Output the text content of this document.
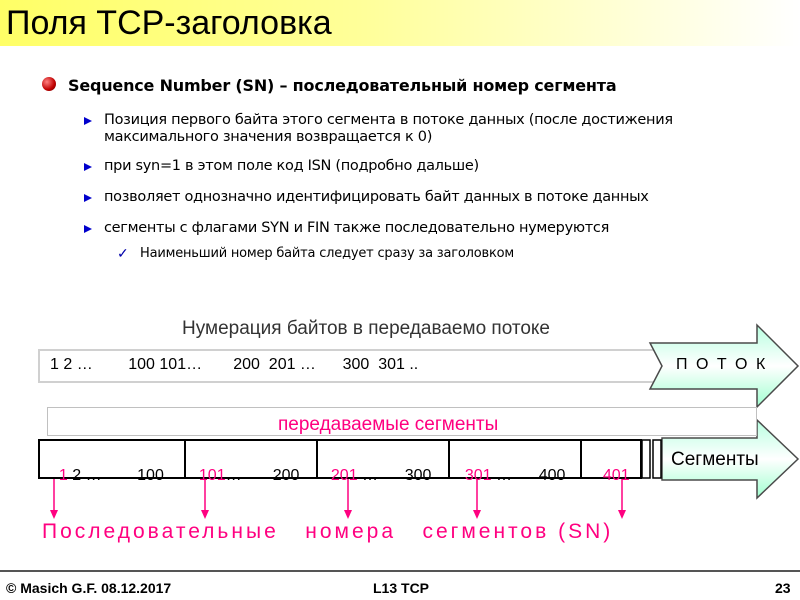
Поля TCP-заголовка
Sequence Number (SN) – последовательный номер сегмента
Позиция первого байта этого сегмента в потоке данных (после достижения
максимального значения возвращается к 0)
при syn=1 в этом поле код ISN (подробно дальше)
позволяет однозначно идентифицировать байт данных в потоке данных
сегменты с флагами SYN и FIN также последовательно нумеруются
✓ Наименьший номер байта следует сразу за заголовком
Нумерация байтов в передаваемо потоке
1 2 …        100 101…       200  201 …      300  301 ..	П О Т О К
передаваемые сегменты

1 2 …        100	101…       200	201 …      300	301 …      400	401

Сегменты
Последовательные   номера   сегментов (SN)
© Masich G.F. 08.12.2017	L13 TCP	23
